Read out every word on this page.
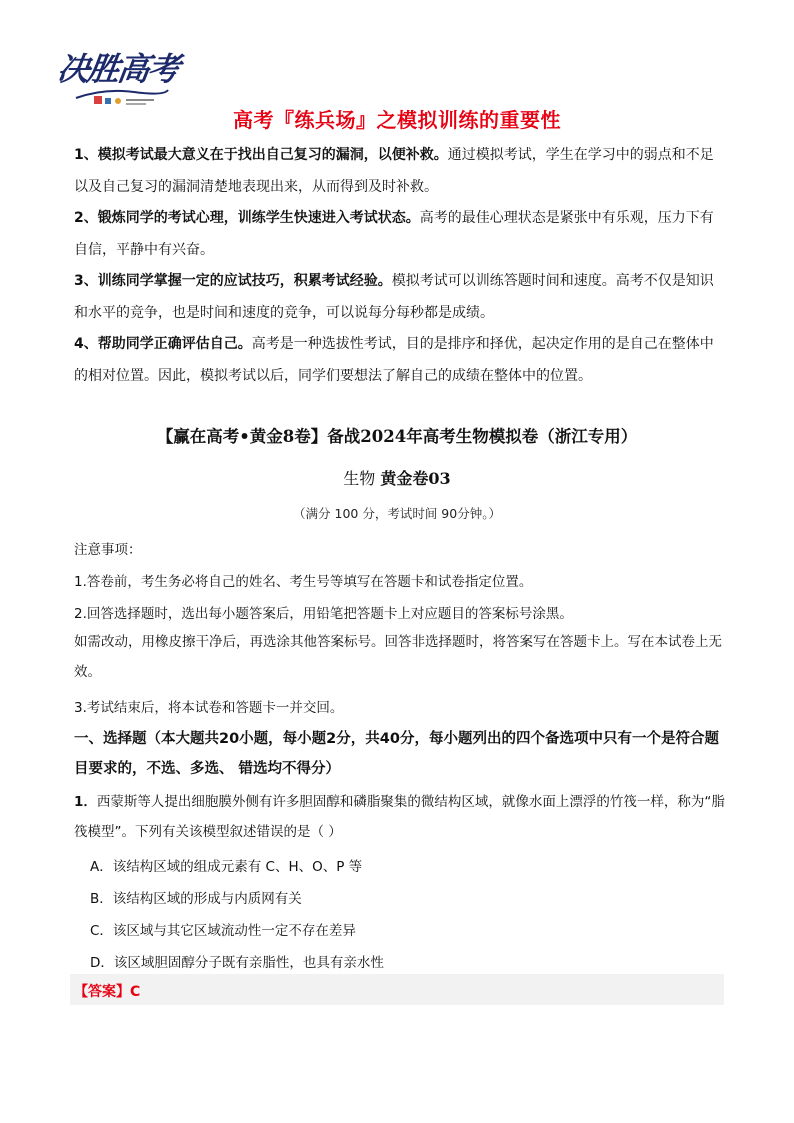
决胜高考
高考『练兵场』之模拟训练的重要性
1、模拟考试最大意义在于找出自己复习的漏洞，以便补救。通过模拟考试，学生在学习中的弱点和不足以及自己复习的漏洞清楚地表现出来，从而得到及时补救。
2、锻炼同学的考试心理，训练学生快速进入考试状态。高考的最佳心理状态是紧张中有乐观，压力下有自信，平静中有兴奋。
3、训练同学掌握一定的应试技巧，积累考试经验。模拟考试可以训练答题时间和速度。高考不仅是知识和水平的竞争，也是时间和速度的竞争，可以说每分每秒都是成绩。
4、帮助同学正确评估自己。高考是一种选拔性考试，目的是排序和择优，起决定作用的是自己在整体中的相对位置。因此，模拟考试以后，同学们要想法了解自己的成绩在整体中的位置。
【赢在高考•黄金8卷】备战2024年高考生物模拟卷（浙江专用）
生物 黄金卷03
（满分 100 分，考试时间 90分钟。）
注意事项：
1.答卷前，考生务必将自己的姓名、考生号等填写在答题卡和试卷指定位置。
2.回答选择题时，选出每小题答案后，用铅笔把答题卡上对应题目的答案标号涂黑。
如需改动，用橡皮擦干净后，再选涂其他答案标号。回答非选择题时，将答案写在答题卡上。写在本试卷上无效。
3.考试结束后，将本试卷和答题卡一并交回。
一、选择题（本大题共20小题，每小题2分，共40分，每小题列出的四个备选项中只有一个是符合题目要求的，不选、多选、 错选均不得分）
1．西蒙斯等人提出细胞膜外侧有许多胆固醇和磷脂聚集的微结构区域，就像水面上漂浮的竹筏一样，称为“脂筏模型”。下列有关该模型叙述错误的是（ ）
A．该结构区域的组成元素有 C、H、O、P 等
B．该结构区域的形成与内质网有关
C．该区域与其它区域流动性一定不存在差异
D．该区域胆固醇分子既有亲脂性，也具有亲水性
【答案】C
